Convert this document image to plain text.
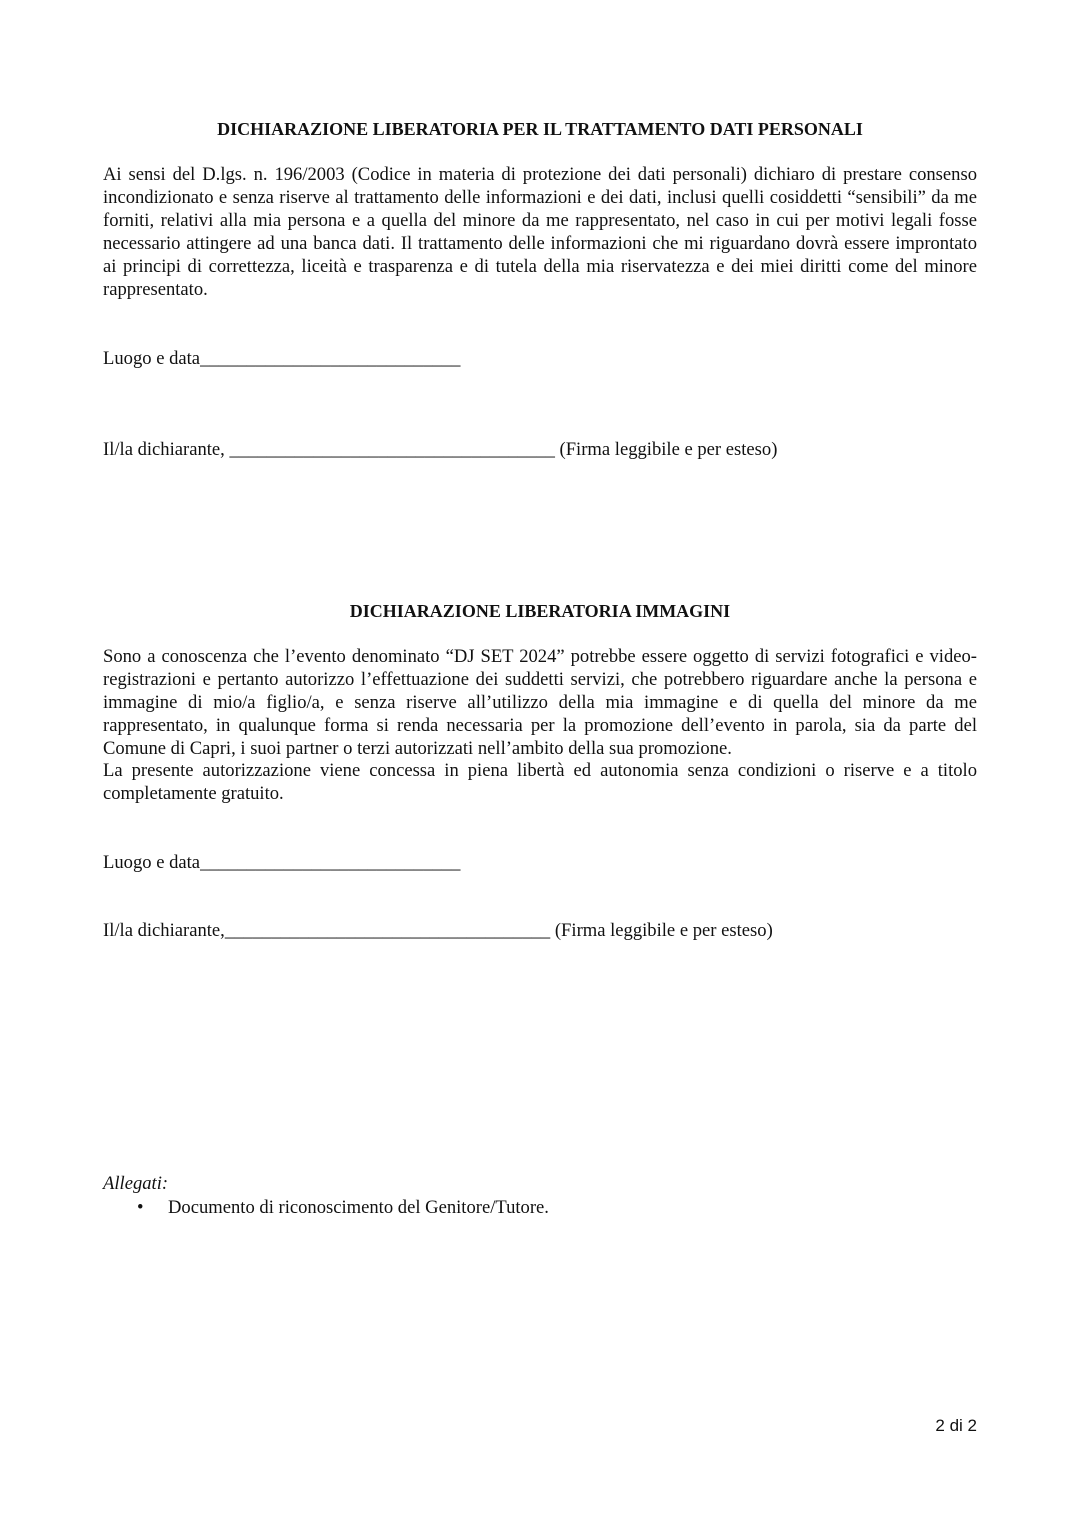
DICHIARAZIONE LIBERATORIA PER IL TRATTAMENTO DATI PERSONALI

Ai sensi del D.lgs. n. 196/2003 (Codice in materia di protezione dei dati personali) dichiaro di prestare consenso incondizionato e senza riserve al trattamento delle informazioni e dei dati, inclusi quelli cosiddetti “sensibili” da me forniti, relativi alla mia persona e a quella del minore da me rappresentato, nel caso in cui per motivi legali fosse necessario attingere ad una banca dati. Il trattamento delle informazioni che mi riguardano dovrà essere improntato ai principi di correttezza, liceità e trasparenza e di tutela della mia riservatezza e dei miei diritti come del minore rappresentato.

Luogo e data____________________________

Il/la dichiarante, ___________________________________ (Firma leggibile e per esteso)

DICHIARAZIONE LIBERATORIA IMMAGINI

Sono a conoscenza che l’evento denominato “DJ SET 2024” potrebbe essere oggetto di servizi fotografici e video-registrazioni e pertanto autorizzo l’effettuazione dei suddetti servizi, che potrebbero riguardare anche la persona e immagine di mio/a figlio/a, e senza riserve all’utilizzo della mia immagine e di quella del minore da me rappresentato, in qualunque forma si renda necessaria per la promozione dell’evento in parola, sia da parte del Comune di Capri, i suoi partner o terzi autorizzati nell’ambito della sua promozione.

La presente autorizzazione viene concessa in piena libertà ed autonomia senza condizioni o riserve e a titolo completamente gratuito.

Luogo e data____________________________

Il/la dichiarante,___________________________________ (Firma leggibile e per esteso)

Allegati:

• Documento di riconoscimento del Genitore/Tutore.
2 di 2
